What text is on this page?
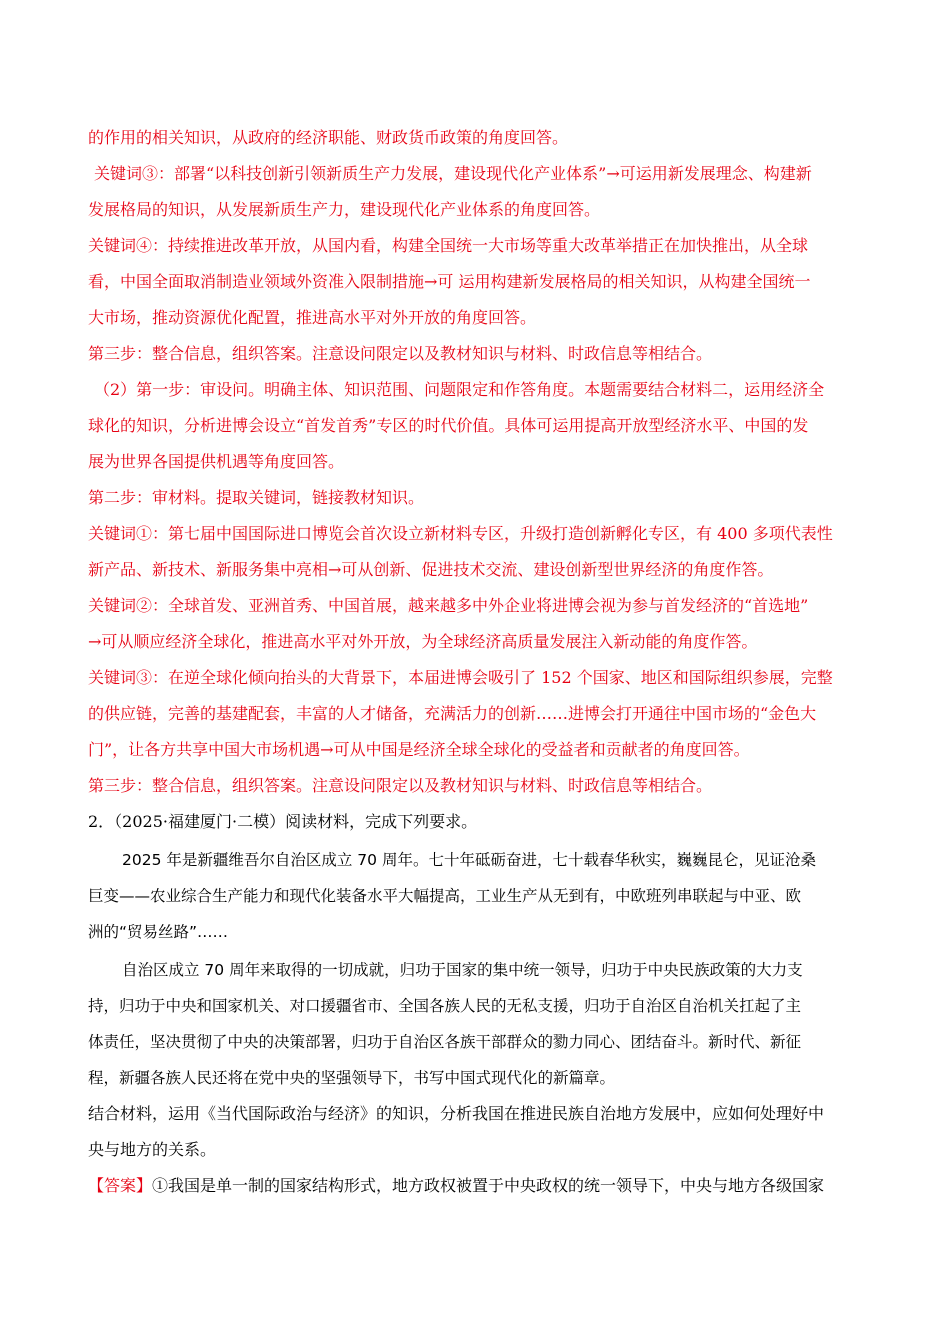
的作用的相关知识，从政府的经济职能、财政货币政策的角度回答。
关键词③：部署“以科技创新引领新质生产力发展，建设现代化产业体系”→可运用新发展理念、构建新
发展格局的知识，从发展新质生产力，建设现代化产业体系的角度回答。
关键词④：持续推进改革开放，从国内看，构建全国统一大市场等重大改革举措正在加快推出，从全球
看，中国全面取消制造业领域外资准入限制措施→可 运用构建新发展格局的相关知识，从构建全国统一
大市场，推动资源优化配置，推进高水平对外开放的角度回答。
第三步：整合信息，组织答案。注意设问限定以及教材知识与材料、时政信息等相结合。
（2）第一步：审设问。明确主体、知识范围、问题限定和作答角度。本题需要结合材料二，运用经济全
球化的知识，分析进博会设立“首发首秀”专区的时代价值。具体可运用提高开放型经济水平、中国的发
展为世界各国提供机遇等角度回答。
第二步：审材料。提取关键词，链接教材知识。
关键词①：第七届中国国际进口博览会首次设立新材料专区，升级打造创新孵化专区，有 400 多项代表性
新产品、新技术、新服务集中亮相→可从创新、促进技术交流、建设创新型世界经济的角度作答。
关键词②：全球首发、亚洲首秀、中国首展，越来越多中外企业将进博会视为参与首发经济的“首选地”
→可从顺应经济全球化，推进高水平对外开放，为全球经济高质量发展注入新动能的角度作答。
关键词③：在逆全球化倾向抬头的大背景下，本届进博会吸引了 152 个国家、地区和国际组织参展，完整
的供应链，完善的基建配套，丰富的人才储备，充满活力的创新……进博会打开通往中国市场的“金色大
门”，让各方共享中国大市场机遇→可从中国是经济全球全球化的受益者和贡献者的角度回答。
第三步：整合信息，组织答案。注意设问限定以及教材知识与材料、时政信息等相结合。
2．（2025·福建厦门·二模）阅读材料，完成下列要求。
2025 年是新疆维吾尔自治区成立 70 周年。七十年砥砺奋进，七十载春华秋实，巍巍昆仑，见证沧桑
巨变——农业综合生产能力和现代化装备水平大幅提高，工业生产从无到有，中欧班列串联起与中亚、欧
洲的“贸易丝路”……
自治区成立 70 周年来取得的一切成就，归功于国家的集中统一领导，归功于中央民族政策的大力支
持，归功于中央和国家机关、对口援疆省市、全国各族人民的无私支援，归功于自治区自治机关扛起了主
体责任，坚决贯彻了中央的决策部署，归功于自治区各族干部群众的勠力同心、团结奋斗。新时代、新征
程，新疆各族人民还将在党中央的坚强领导下，书写中国式现代化的新篇章。
结合材料，运用《当代国际政治与经济》的知识，分析我国在推进民族自治地方发展中，应如何处理好中
央与地方的关系。
【答案】①我国是单一制的国家结构形式，地方政权被置于中央政权的统一领导下，中央与地方各级国家
